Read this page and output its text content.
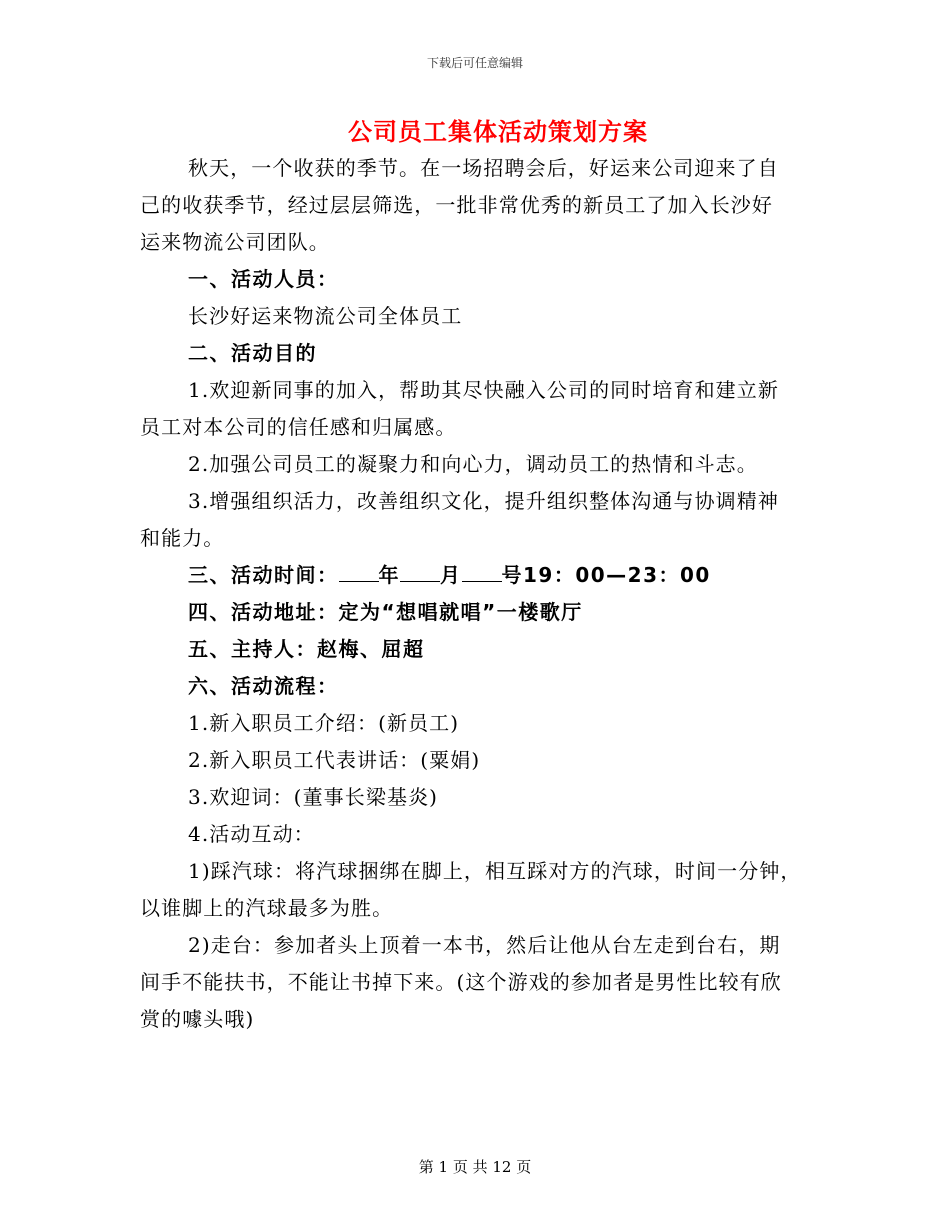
下载后可任意编辑
公司员工集体活动策划方案

秋天，一个收获的季节。在一场招聘会后，好运来公司迎来了自

己的收获季节，经过层层筛选，一批非常优秀的新员工了加入长沙好

运来物流公司团队。

一、活动人员：

长沙好运来物流公司全体员工

二、活动目的

1.欢迎新同事的加入，帮助其尽快融入公司的同时培育和建立新

员工对本公司的信任感和归属感。

2.加强公司员工的凝聚力和向心力，调动员工的热情和斗志。

3.增强组织活力，改善组织文化，提升组织整体沟通与协调精神

和能力。

三、活动时间： 年 月 号19：00—23：00

四、活动地址：定为“想唱就唱”一楼歌厅

五、主持人：赵梅、屈超

六、活动流程：

1.新入职员工介绍：(新员工)

2.新入职员工代表讲话：(粟娟)

3.欢迎词：(董事长梁基炎)

4.活动互动：

1)踩汽球：将汽球捆绑在脚上，相互踩对方的汽球，时间一分钟，

以谁脚上的汽球最多为胜。

2)走台：参加者头上顶着一本书，然后让他从台左走到台右，期

间手不能扶书，不能让书掉下来。(这个游戏的参加者是男性比较有欣

赏的噱头哦)

第 1 页 共 12 页
